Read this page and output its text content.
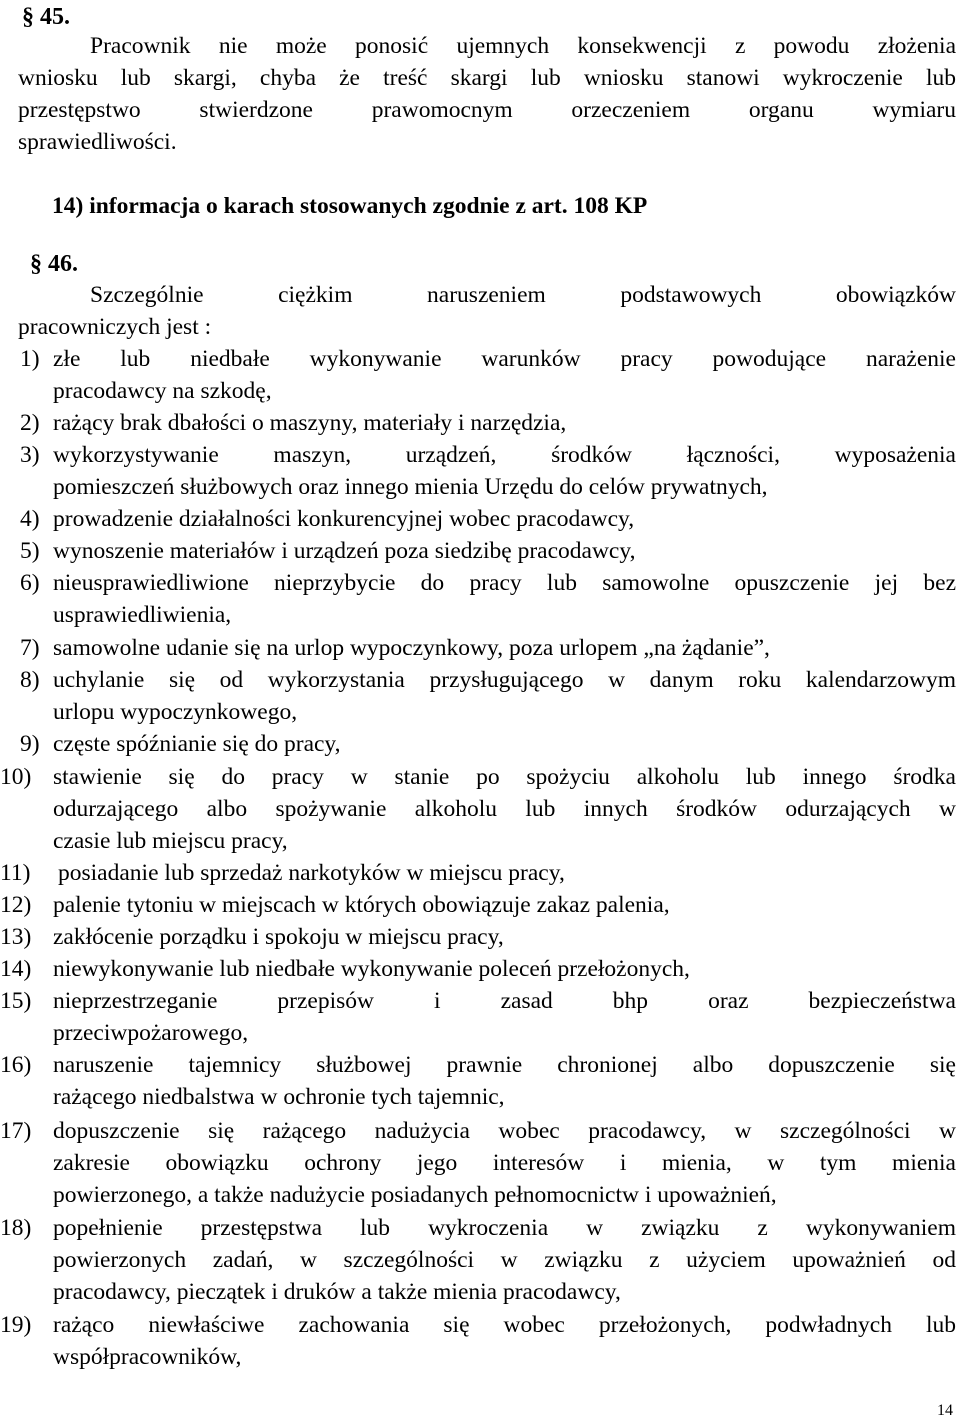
§ 45.
Pracownik nie może ponosić ujemnych konsekwencji z powodu złożenia
wniosku lub skargi, chyba że treść skargi lub wniosku stanowi wykroczenie lub
przestępstwo stwierdzone prawomocnym orzeczeniem organu wymiaru
sprawiedliwości.
14) informacja o karach stosowanych zgodnie z art. 108 KP
§ 46.
Szczególnie ciężkim naruszeniem podstawowych obowiązków
pracowniczych jest :
1) złe lub niedbałe wykonywanie warunków pracy powodujące narażenie
pracodawcy na szkodę,
2) rażący brak dbałości o maszyny, materiały i narzędzia,
3) wykorzystywanie maszyn, urządzeń, środków łączności, wyposażenia
pomieszczeń służbowych oraz innego mienia Urzędu do celów prywatnych,
4) prowadzenie działalności konkurencyjnej wobec pracodawcy,
5) wynoszenie materiałów i urządzeń poza siedzibę pracodawcy,
6) nieusprawiedliwione nieprzybycie do pracy lub samowolne opuszczenie jej bez
usprawiedliwienia,
7) samowolne udanie się na urlop wypoczynkowy, poza urlopem „na żądanie”,
8) uchylanie się od wykorzystania przysługującego w danym roku kalendarzowym
urlopu wypoczynkowego,
9) częste spóźnianie się do pracy,
10) stawienie się do pracy w stanie po spożyciu alkoholu lub innego środka
odurzającego albo spożywanie alkoholu lub innych środków odurzających w
czasie lub miejscu pracy,
11) posiadanie lub sprzedaż narkotyków w miejscu pracy,
12) palenie tytoniu w miejscach w których obowiązuje zakaz palenia,
13) zakłócenie porządku i spokoju w miejscu pracy,
14) niewykonywanie lub niedbałe wykonywanie poleceń przełożonych,
15) nieprzestrzeganie przepisów i zasad bhp oraz bezpieczeństwa
przeciwpożarowego,
16) naruszenie tajemnicy służbowej prawnie chronionej albo dopuszczenie się
rażącego niedbalstwa w ochronie tych tajemnic,
17) dopuszczenie się rażącego nadużycia wobec pracodawcy, w szczególności w
zakresie obowiązku ochrony jego interesów i mienia, w tym mienia
powierzonego, a także nadużycie posiadanych pełnomocnictw i upoważnień,
18) popełnienie przestępstwa lub wykroczenia w związku z wykonywaniem
powierzonych zadań, w szczególności w związku z użyciem upoważnień od
pracodawcy, pieczątek i druków a także mienia pracodawcy,
19) rażąco niewłaściwe zachowania się wobec przełożonych, podwładnych lub
współpracowników,
14
